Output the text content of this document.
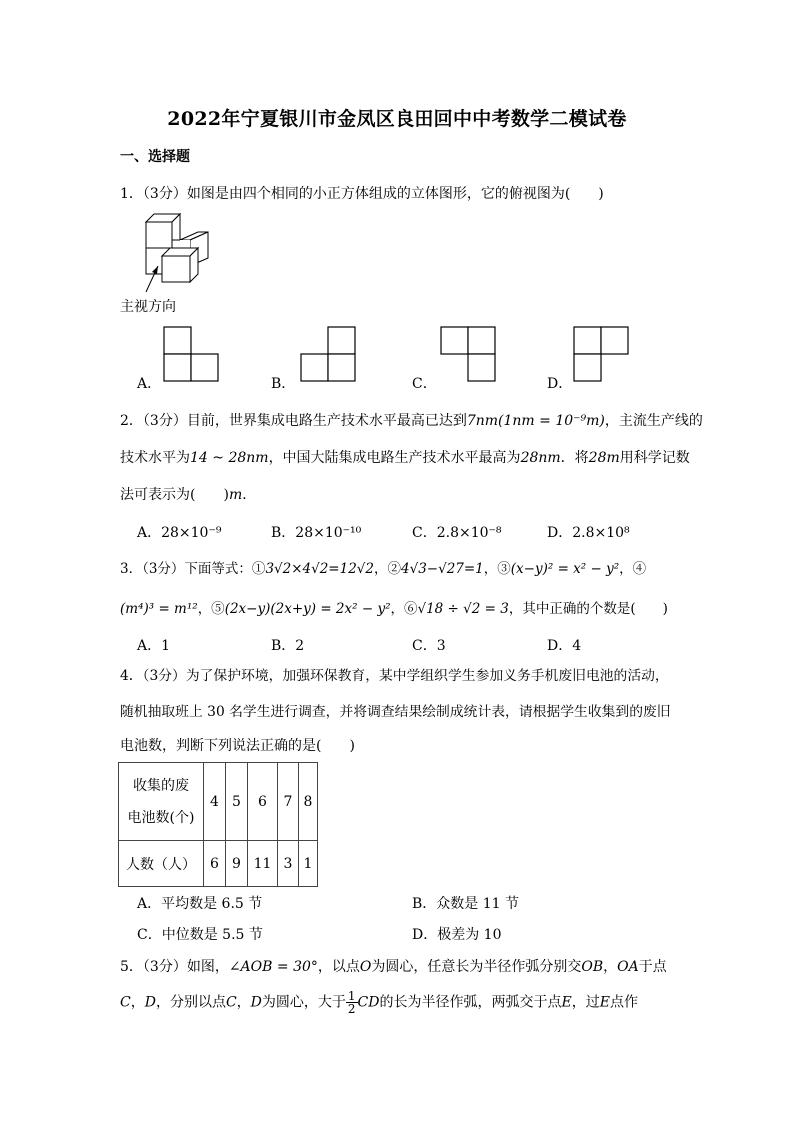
2022年宁夏银川市金凤区良田回中中考数学二模试卷
一、选择题
1．（3分）如图是由四个相同的小正方体组成的立体图形，它的俯视图为(　　)
主视方向
A．	B．	C．	D．
2．（3分）目前，世界集成电路生产技术水平最高已达到7nm(1nm = 10⁻⁹m)，主流生产线的
技术水平为14 ~ 28nm，中国大陆集成电路生产技术水平最高为28nm．将28m用科学记数
法可表示为(　　)m．
A．28×10⁻⁹	B．28×10⁻¹⁰	C．2.8×10⁻⁸	D．2.8×10⁸
3．（3分）下面等式：①3√2×4√2=12√2，②4√3−√27=1，③(x−y)² = x² − y²，④
(m⁴)³ = m¹²，⑤(2x−y)(2x+y) = 2x² − y²，⑥√18 ÷ √2 = 3，其中正确的个数是(　　)
A．1	B．2	C．3	D．4
4．（3分）为了保护环境，加强环保教育，某中学组织学生参加义务手机废旧电池的活动，
随机抽取班上 30 名学生进行调查，并将调查结果绘制成统计表，请根据学生收集到的废旧
电池数，判断下列说法正确的是(　　)
收集的废
电池数(个)	4	5	6	7	8
人数（人）	6	9	11	3	1
A．平均数是 6.5 节	B．众数是 11 节
C．中位数是 5.5 节	D．极差为 10
5．（3分）如图，∠AOB = 30°，以点O为圆心，任意长为半径作弧分别交OB，OA于点
C，D，分别以点C，D为圆心，大于 $\frac{1}{2}$ CD的长为半径作弧，两弧交于点E，过E点作
